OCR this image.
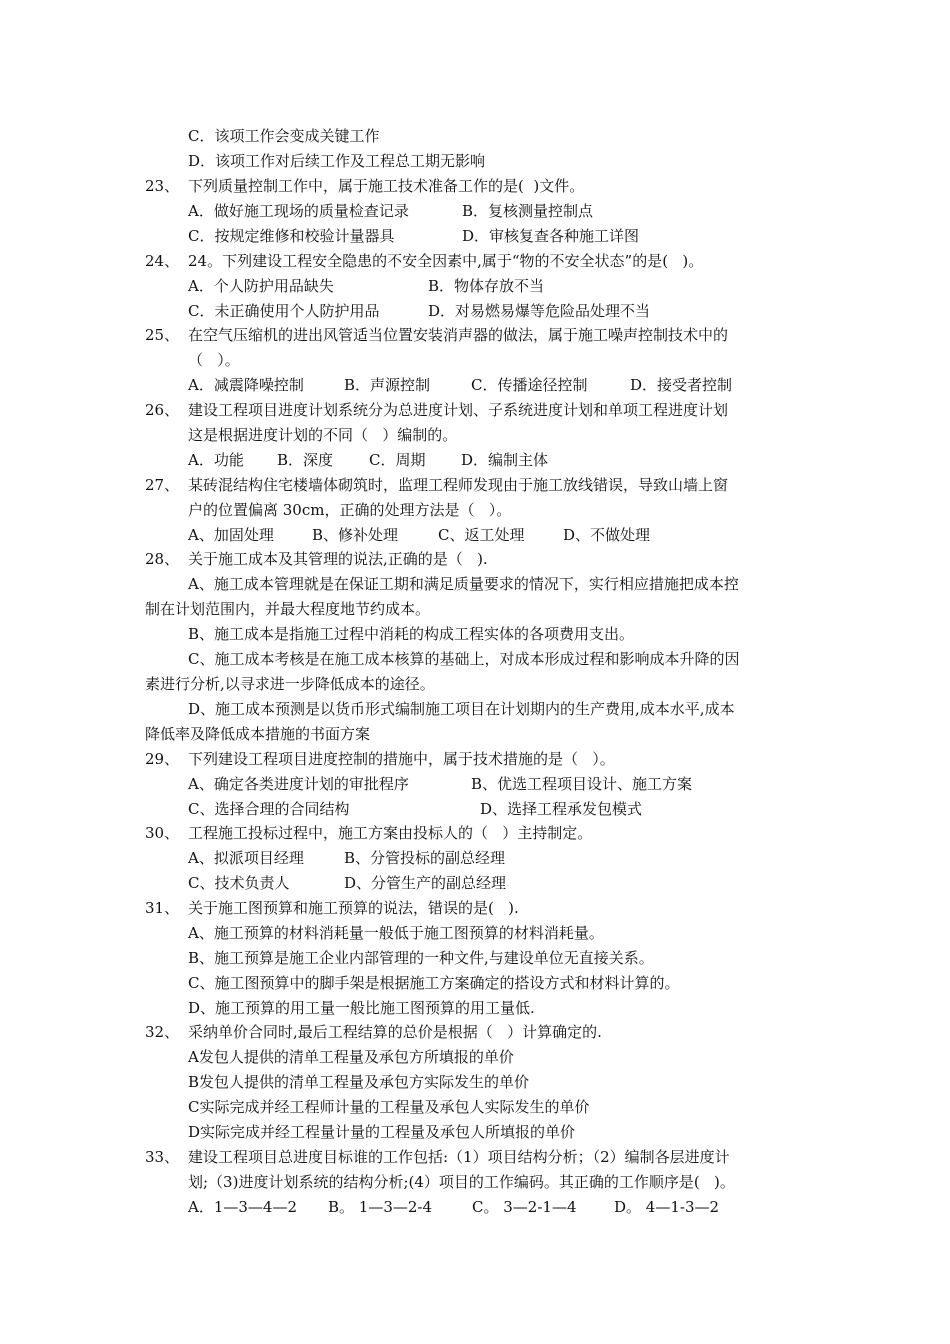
C．该项工作会变成关键工作
D．该项工作对后续工作及工程总工期无影响
23、 下列质量控制工作中，属于施工技术准备工作的是(  )文件。

A．做好施工现场的质量检查记录

	B．复核测量控制点

C．按规定维修和校验计量器具

	D．审核复查各种施工详图

24、 24。下列建设工程安全隐患的不安全因素中,属于“物的不安全状态”的是(   )。

A．个人防护用品缺失

	B．物体存放不当

C．未正确使用个人防护用品

	D．对易燃易爆等危险品处理不当

25、 在空气压缩机的进出风管适当位置安装消声器的做法，属于施工噪声控制技术中的
（   ）。

A．减震降噪控制

	B．声源控制

	C．传播途径控制

	D．接受者控制

26、 建设工程项目进度计划系统分为总进度计划、子系统进度计划和单项工程进度计划
这是根据进度计划的不同（   ）编制的。

A．功能

B．深度

C．周期

D．编制主体

27、 某砖混结构住宅楼墙体砌筑时，监理工程师发现由于施工放线错误，导致山墙上窗
户的位置偏离 30cm，正确的处理方法是（   ）。

A、加固处理

	B、修补处理

	C、返工处理

	D、不做处理

28、 关于施工成本及其管理的说法,正确的是（   ).
A、施工成本管理就是在保证工期和满足质量要求的情况下，实行相应措施把成本控
制在计划范围内，并最大程度地节约成本。
B、施工成本是指施工过程中消耗的构成工程实体的各项费用支出。
C、施工成本考核是在施工成本核算的基础上，对成本形成过程和影响成本升降的因
素进行分析,以寻求进一步降低成本的途径。
D、施工成本预测是以货币形式编制施工项目在计划期内的生产费用,成本水平,成本
降低率及降低成本措施的书面方案
29、 下列建设工程项目进度控制的措施中，属于技术措施的是（   ）。

A、确定各类进度计划的审批程序

	B、优选工程项目设计、施工方案

C、选择合理的合同结构

	D、选择工程承发包模式

30、 工程施工投标过程中，施工方案由投标人的（   ）主持制定。

A、拟派项目经理

	B、分管投标的副总经理

C、技术负责人

	D、分管生产的副总经理

31、 关于施工图预算和施工预算的说法，错误的是(   ).
A、施工预算的材料消耗量一般低于施工图预算的材料消耗量。
B、施工预算是施工企业内部管理的一种文件,与建设单位无直接关系。
C、施工图预算中的脚手架是根据施工方案确定的搭设方式和材料计算的。
D、施工预算的用工量一般比施工图预算的用工量低.
32、 采纳单价合同时,最后工程结算的总价是根据（   ）计算确定的.
A发包人提供的清单工程量及承包方所填报的单价
B发包人提供的清单工程量及承包方实际发生的单价
C实际完成并经工程师计量的工程量及承包人实际发生的单价
D实际完成并经工程量计量的工程量及承包人所填报的单价
33、 建设工程项目总进度目标谁的工作包括:（1）项目结构分析；（2）编制各层进度计
划;（3)进度计划系统的结构分析;(4）项目的工作编码。其正确的工作顺序是(   )。

A．1—3—4—2

B。 1—3—2-4

	C。 3—2-1—4

	D。 4—1-3—2
